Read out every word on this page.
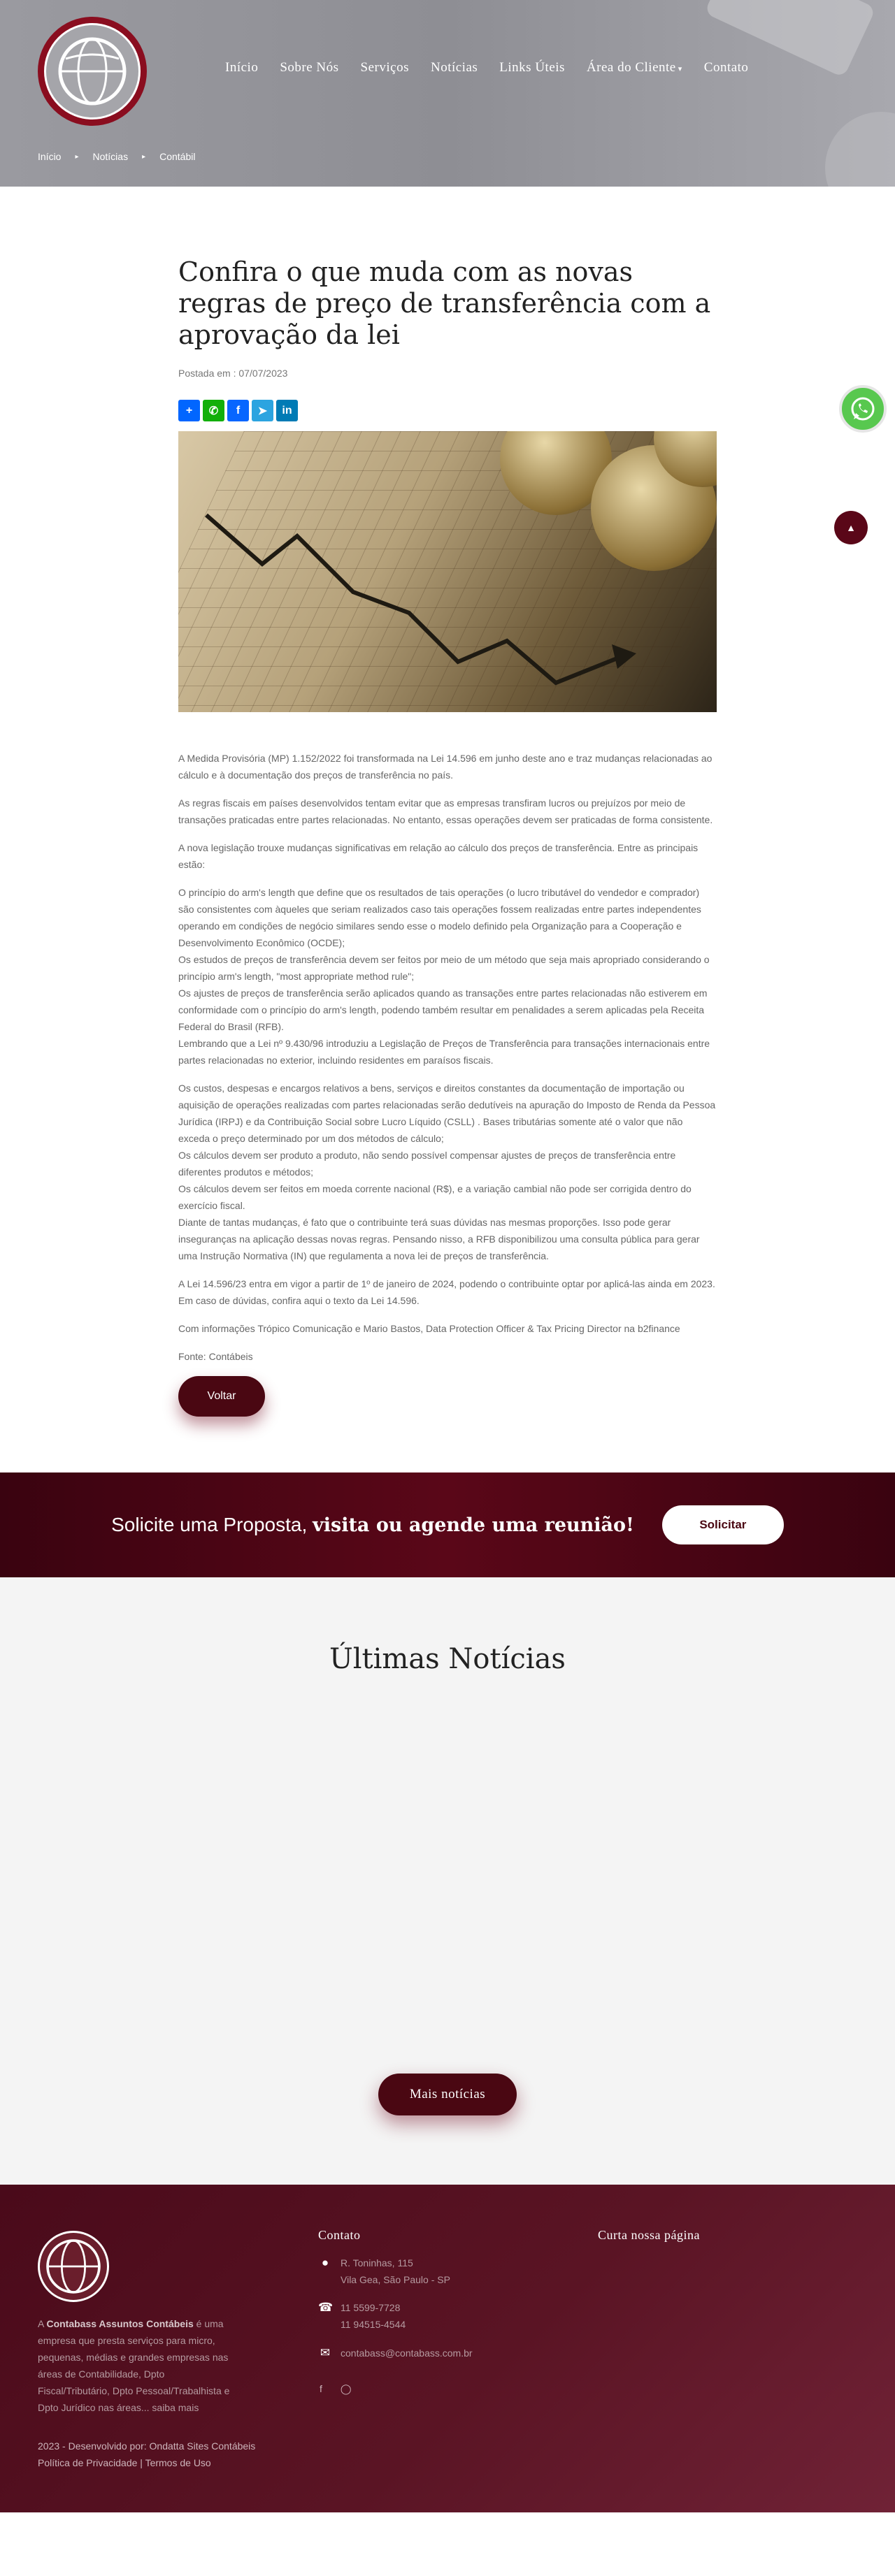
Início Sobre Nós Serviços Notícias Links Úteis Área do Cliente ▾ Contato
Início ▸ Notícias ▸ Contábil
Confira o que muda com as novas regras de preço de transferência com a aprovação da lei
Postada em : 07/07/2023
+	✆	f	➤	in

A Medida Provisória (MP) 1.152/2022 foi transformada na Lei 14.596 em junho deste ano e traz mudanças relacionadas ao cálculo e à documentação dos preços de transferência no país.

As regras fiscais em países desenvolvidos tentam evitar que as empresas transfiram lucros ou prejuízos por meio de transações praticadas entre partes relacionadas. No entanto, essas operações devem ser praticadas de forma consistente.

A nova legislação trouxe mudanças significativas em relação ao cálculo dos preços de transferência. Entre as principais estão:

O princípio do arm's length que define que os resultados de tais operações (o lucro tributável do vendedor e comprador) são consistentes com àqueles que seriam realizados caso tais operações fossem realizadas entre partes independentes operando em condições de negócio similares sendo esse o modelo definido pela Organização para a Cooperação e Desenvolvimento Econômico (OCDE);
Os estudos de preços de transferência devem ser feitos por meio de um método que seja mais apropriado considerando o princípio arm's length, "most appropriate method rule";
Os ajustes de preços de transferência serão aplicados quando as transações entre partes relacionadas não estiverem em conformidade com o princípio do arm's length, podendo também resultar em penalidades a serem aplicadas pela Receita Federal do Brasil (RFB).
Lembrando que a Lei nº 9.430/96 introduziu a Legislação de Preços de Transferência para transações internacionais entre partes relacionadas no exterior, incluindo residentes em paraísos fiscais.

Os custos, despesas e encargos relativos a bens, serviços e direitos constantes da documentação de importação ou aquisição de operações realizadas com partes relacionadas serão dedutíveis na apuração do Imposto de Renda da Pessoa Jurídica (IRPJ) e da Contribuição Social sobre Lucro Líquido (CSLL) . Bases tributárias somente até o valor que não exceda o preço determinado por um dos métodos de cálculo;
Os cálculos devem ser produto a produto, não sendo possível compensar ajustes de preços de transferência entre diferentes produtos e métodos;
Os cálculos devem ser feitos em moeda corrente nacional (R$), e a variação cambial não pode ser corrigida dentro do exercício fiscal.
Diante de tantas mudanças, é fato que o contribuinte terá suas dúvidas nas mesmas proporções. Isso pode gerar inseguranças na aplicação dessas novas regras. Pensando nisso, a RFB disponibilizou uma consulta pública para gerar uma Instrução Normativa (IN) que regulamenta a nova lei de preços de transferência.

A Lei 14.596/23 entra em vigor a partir de 1º de janeiro de 2024, podendo o contribuinte optar por aplicá-las ainda em 2023. Em caso de dúvidas, confira aqui o texto da Lei 14.596.

Com informações Trópico Comunicação e Mario Bastos, Data Protection Officer & Tax Pricing Director na b2finance

Fonte: Contábeis

Voltar
Solicite uma Proposta, visita ou agende uma reunião!	Solicitar
Últimas Notícias
Mais notícias
A Contabass Assuntos Contábeis é uma empresa que presta serviços para micro, pequenas, médias e grandes empresas nas áreas de Contabilidade, Dpto Fiscal/Tributário, Dpto Pessoal/Trabalhista e Dpto Jurídico nas áreas... saiba mais
2023 - Desenvolvido por: Ondatta Sites Contábeis
Política de Privacidade | Termos de Uso
Contato
●	R. Toninhas, 115
Vila Gea, São Paulo - SP
☎ 11 5599-7728
11 94515-4544
✉ contabass@contabass.com.br
f ◯
Curta nossa página
▲
